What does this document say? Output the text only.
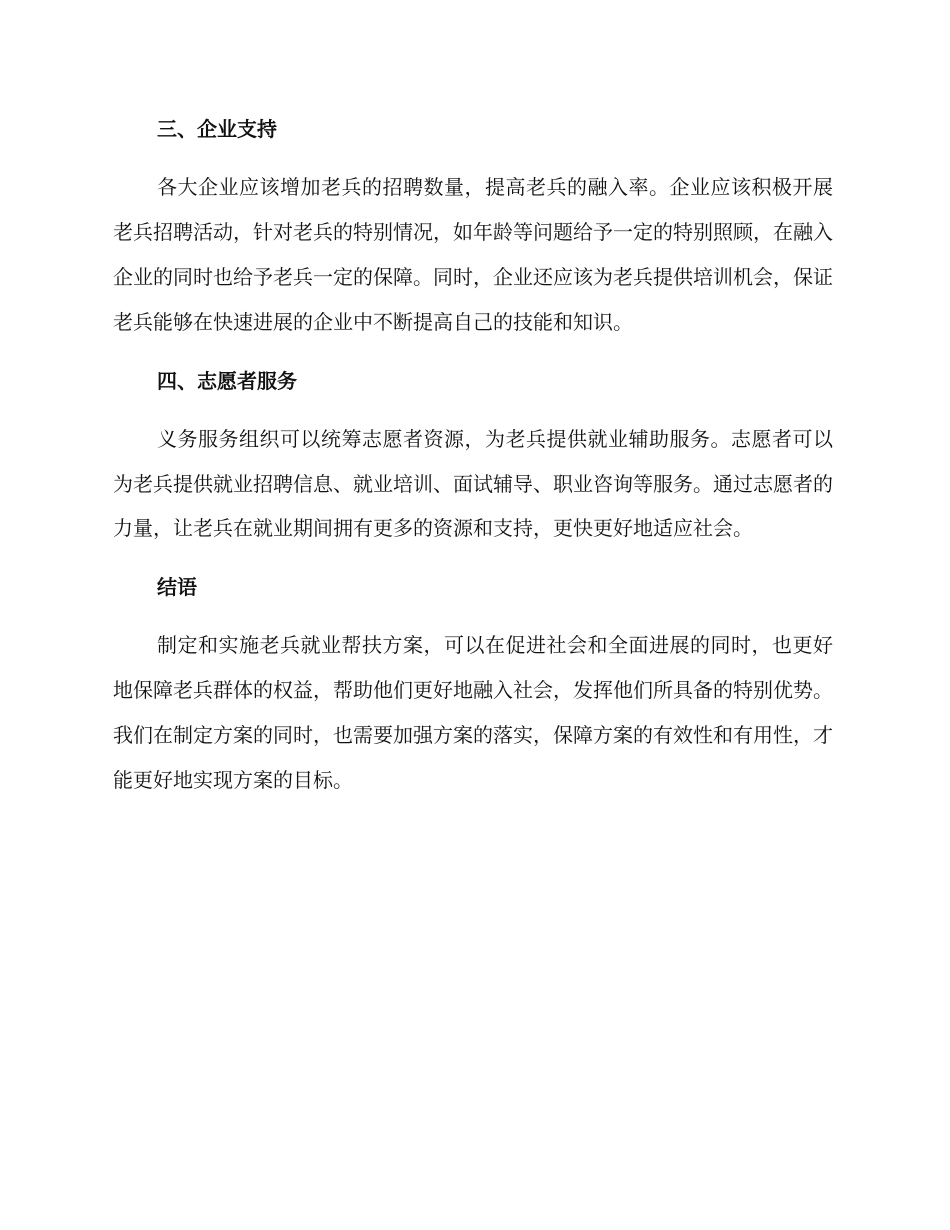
三、企业支持

各大企业应该增加老兵的招聘数量，提高老兵的融入率。企业应该积极开展老兵招聘活动，针对老兵的特别情况，如年龄等问题给予一定的特别照顾，在融入企业的同时也给予老兵一定的保障。同时，企业还应该为老兵提供培训机会，保证老兵能够在快速进展的企业中不断提高自己的技能和知识。

四、志愿者服务

义务服务组织可以统筹志愿者资源，为老兵提供就业辅助服务。志愿者可以为老兵提供就业招聘信息、就业培训、面试辅导、职业咨询等服务。通过志愿者的力量，让老兵在就业期间拥有更多的资源和支持，更快更好地适应社会。

结语

制定和实施老兵就业帮扶方案，可以在促进社会和全面进展的同时，也更好地保障老兵群体的权益，帮助他们更好地融入社会，发挥他们所具备的特别优势。我们在制定方案的同时，也需要加强方案的落实，保障方案的有效性和有用性，才能更好地实现方案的目标。
